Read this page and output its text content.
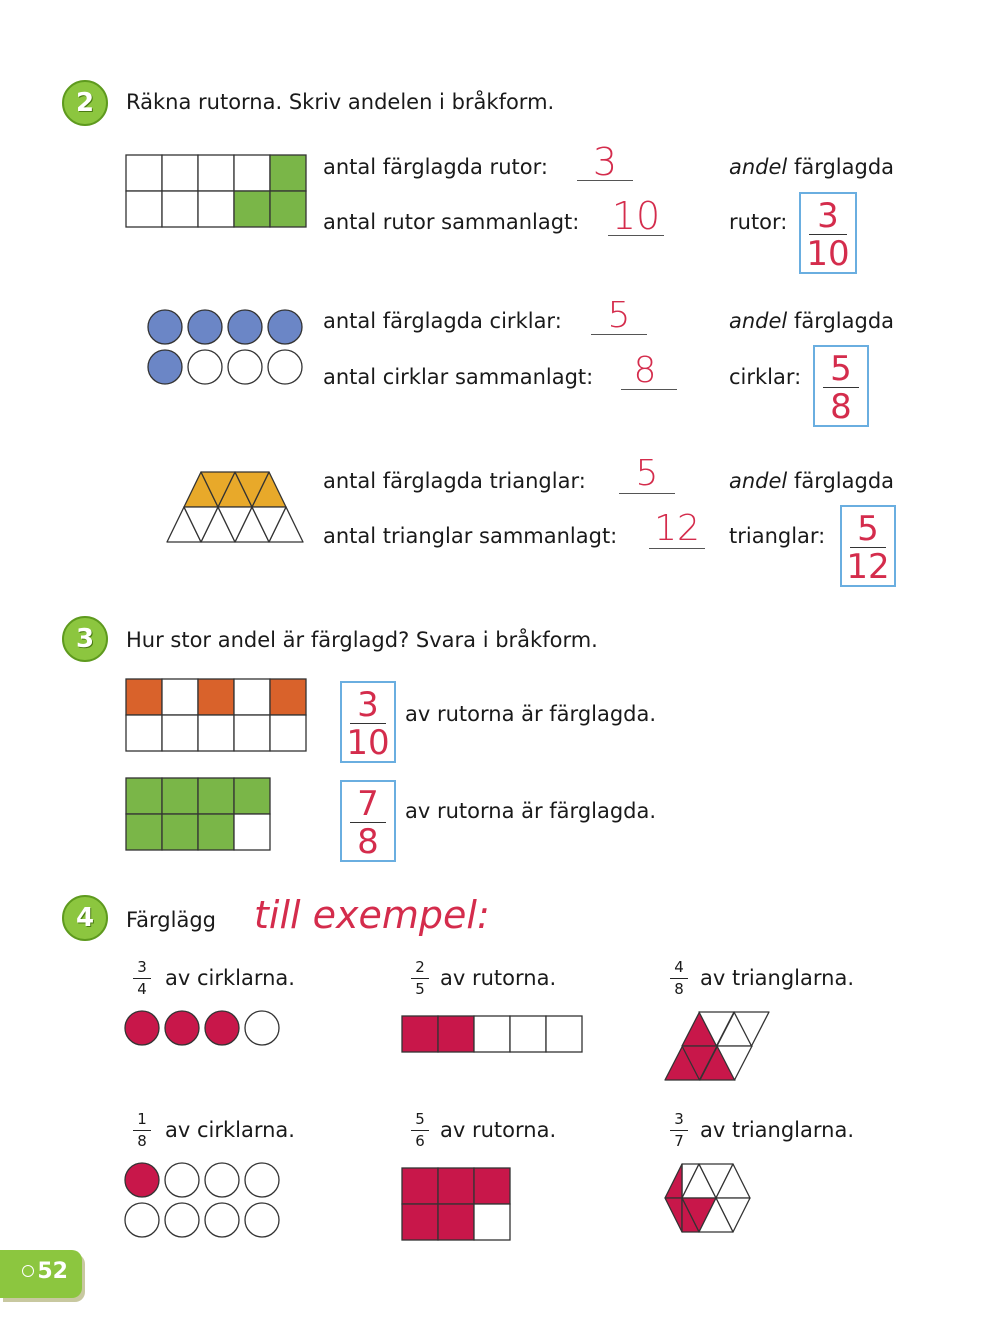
2	Räkna rutorna. Skriv andelen i bråkform.
antal färglagda rutor:	3
antal rutor sammanlagt: 10
andel färglagda
rutor: 3
10
antal färglagda cirklar:	5
antal cirklar sammanlagt:	8
andel färglagda
cirklar: 5
8
antal färglagda trianglar:	5
antal trianglar sammanlagt:	12
andel färglagda
trianglar: 5
12
3	Hur stor andel är färglagd? Svara i bråkform.
3
10
av rutorna är färglagda.
7
8
av rutorna är färglagda.
4	Färglägg till exempel:
3
4 av cirklarna.	2
5 av rutorna.	4
8 av trianglarna.
1
8 av cirklarna.	5
6 av rutorna.	3
7 av trianglarna.
52
